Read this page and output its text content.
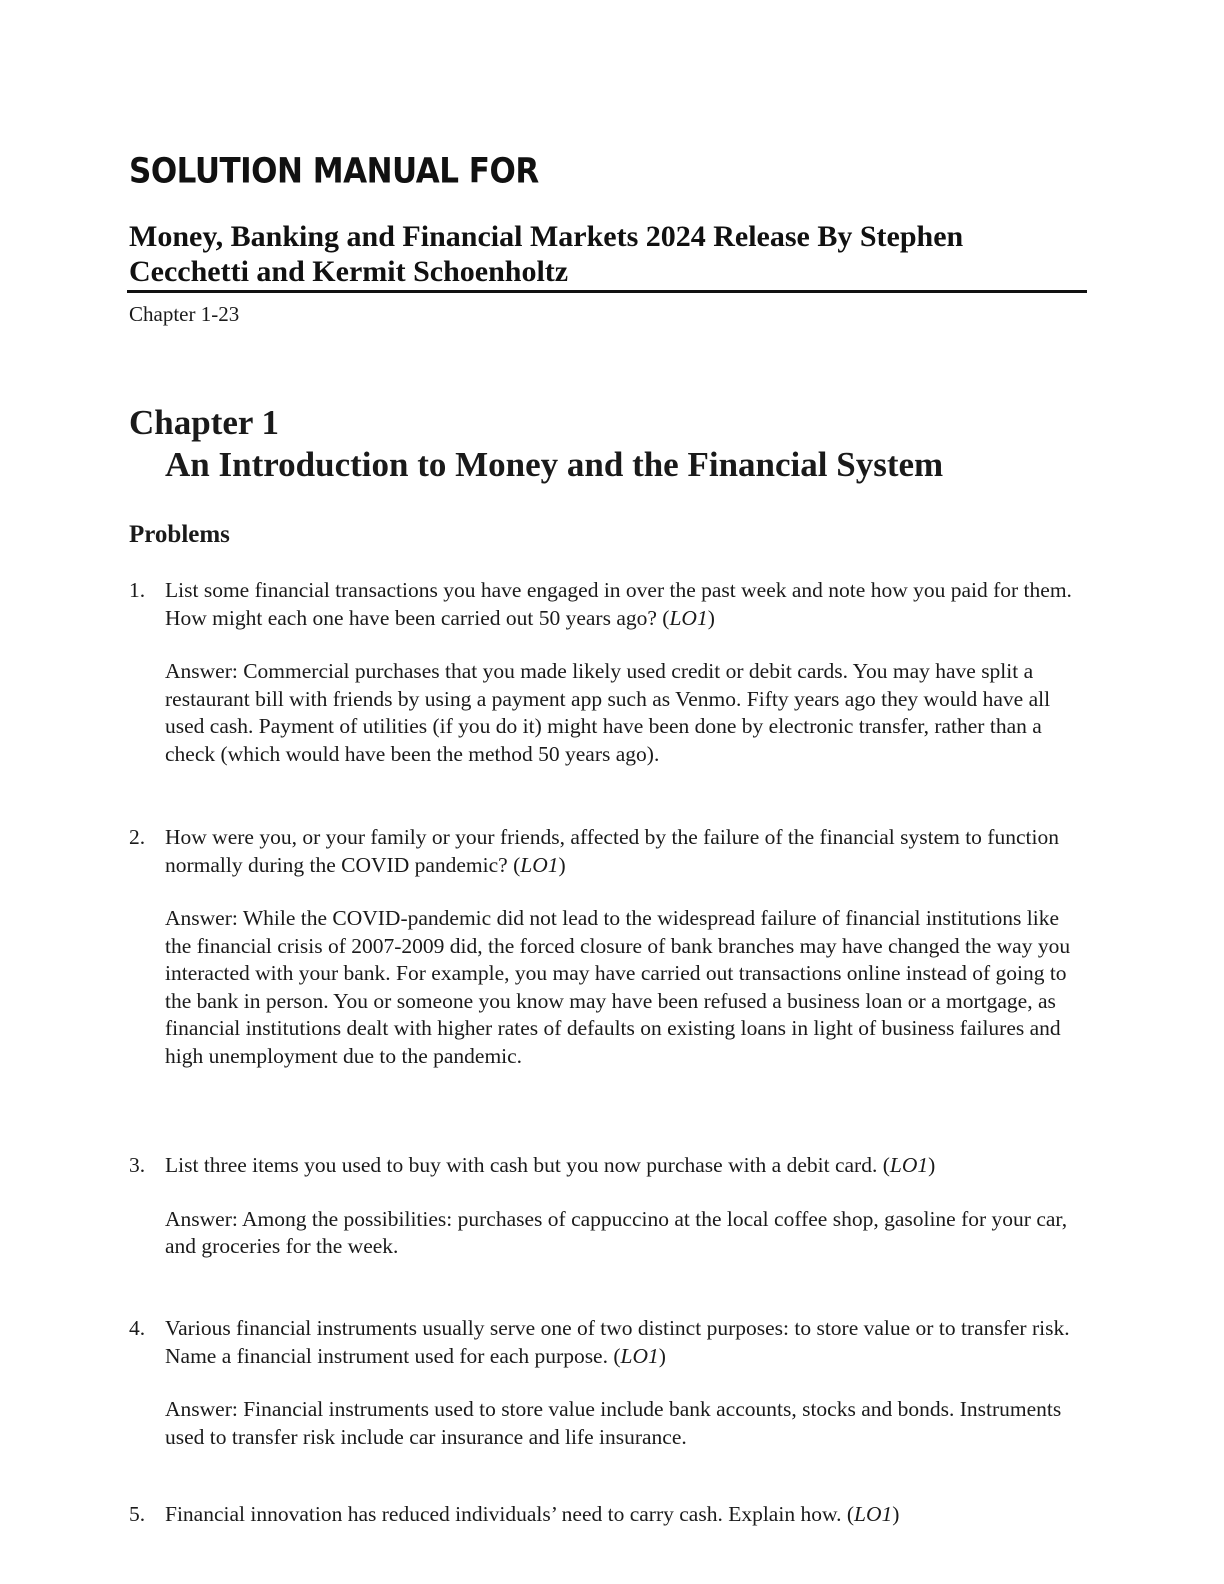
SOLUTION MANUAL FOR
Money, Banking and Financial Markets 2024 Release By Stephen Cecchetti and Kermit Schoenholtz
Chapter 1-23
Chapter 1
An Introduction to Money and the Financial System
Problems
1. List some financial transactions you have engaged in over the past week and note how you paid for them. How might each one have been carried out 50 years ago? (LO1)
Answer: Commercial purchases that you made likely used credit or debit cards. You may have split a restaurant bill with friends by using a payment app such as Venmo. Fifty years ago they would have all used cash. Payment of utilities (if you do it) might have been done by electronic transfer, rather than a check (which would have been the method 50 years ago).
2. How were you, or your family or your friends, affected by the failure of the financial system to function normally during the COVID pandemic? (LO1)
Answer: While the COVID-pandemic did not lead to the widespread failure of financial institutions like the financial crisis of 2007-2009 did, the forced closure of bank branches may have changed the way you interacted with your bank. For example, you may have carried out transactions online instead of going to the bank in person. You or someone you know may have been refused a business loan or a mortgage, as financial institutions dealt with higher rates of defaults on existing loans in light of business failures and high unemployment due to the pandemic.
3. List three items you used to buy with cash but you now purchase with a debit card. (LO1)
Answer: Among the possibilities: purchases of cappuccino at the local coffee shop, gasoline for your car, and groceries for the week.
4. Various financial instruments usually serve one of two distinct purposes: to store value or to transfer risk. Name a financial instrument used for each purpose. (LO1)
Answer: Financial instruments used to store value include bank accounts, stocks and bonds. Instruments used to transfer risk include car insurance and life insurance.
5. Financial innovation has reduced individuals’ need to carry cash. Explain how. (LO1)
